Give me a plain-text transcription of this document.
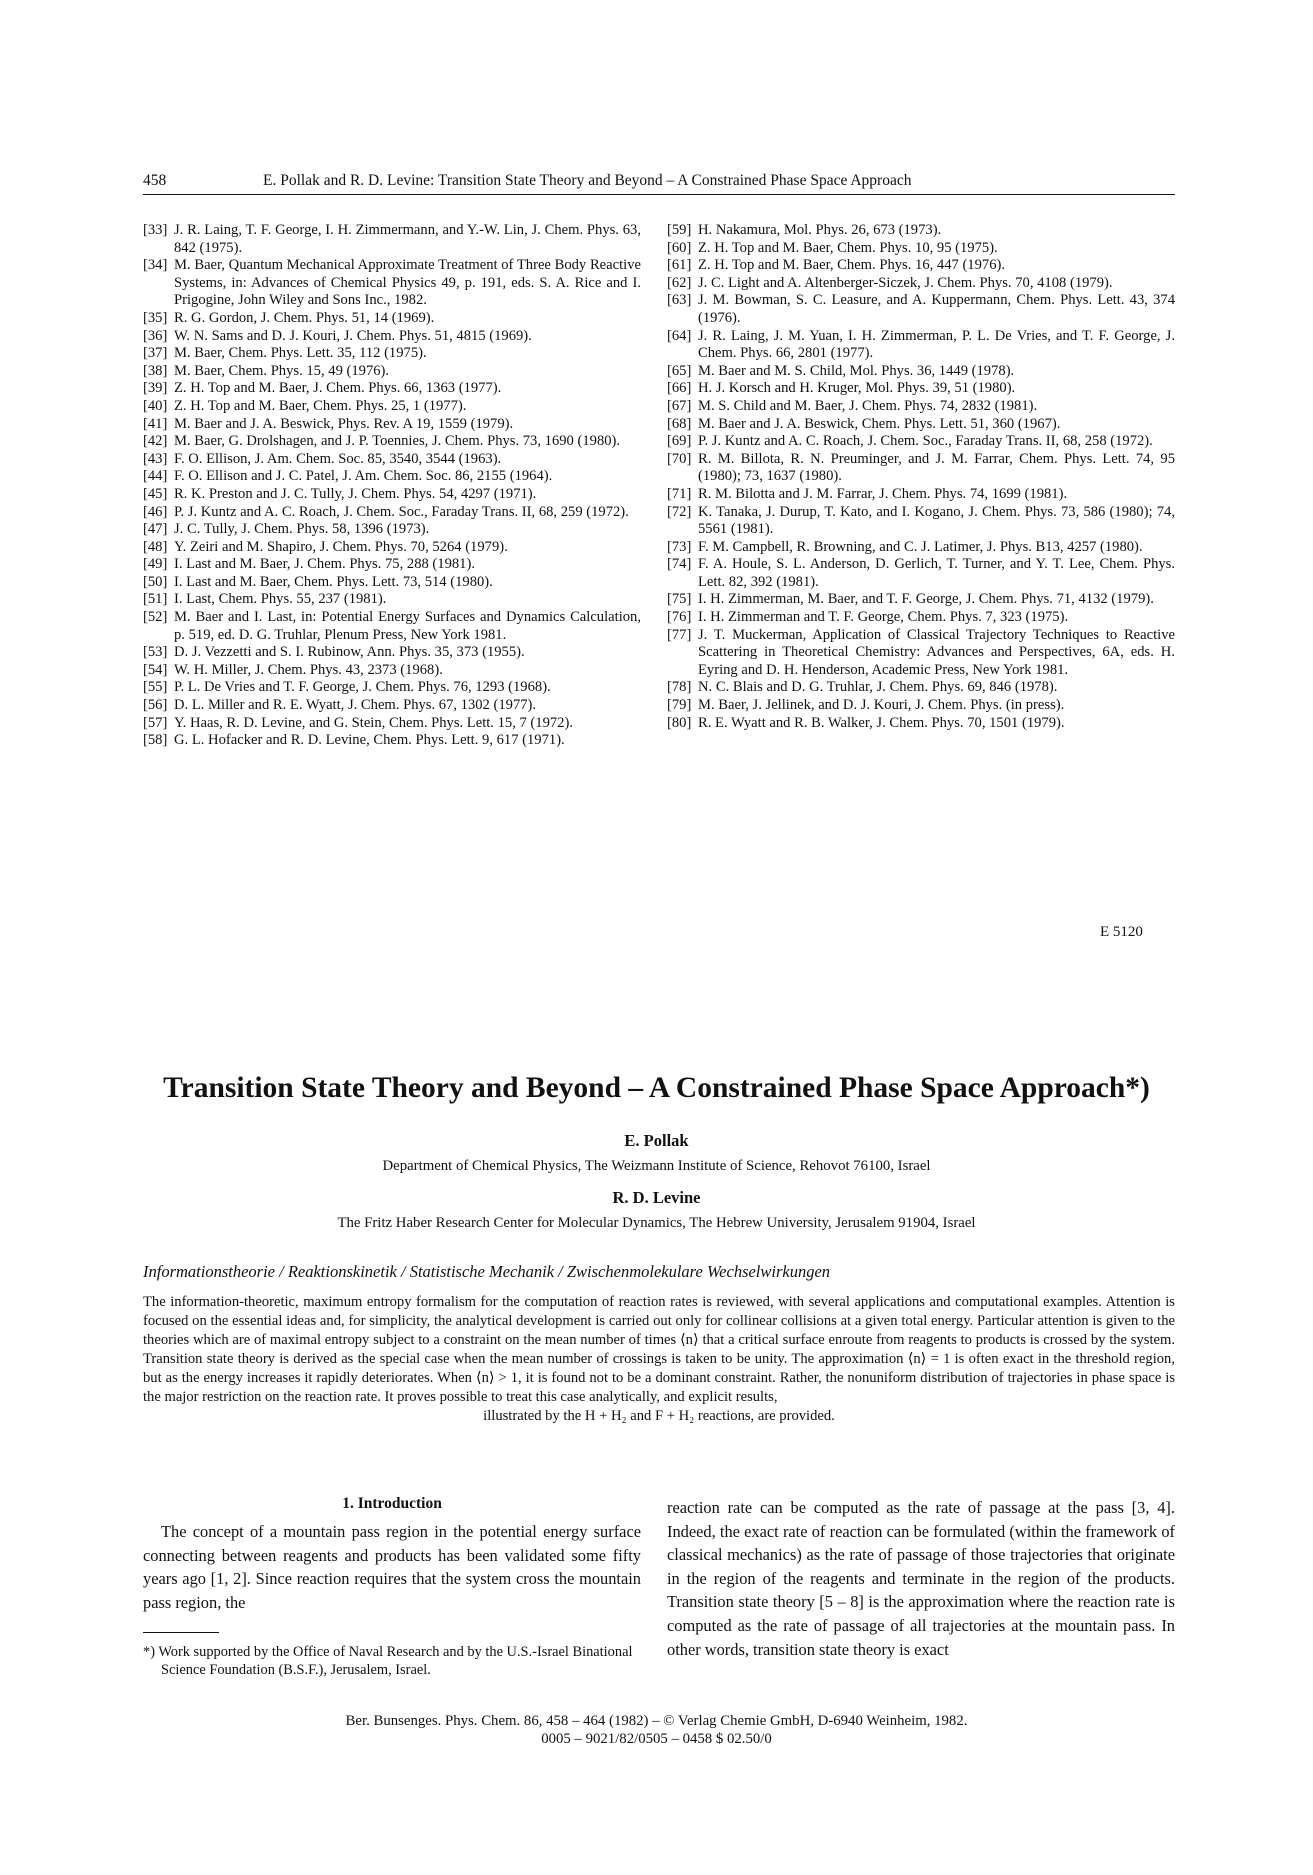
458	E. Pollak and R. D. Levine: Transition State Theory and Beyond – A Constrained Phase Space Approach
[33] J. R. Laing, T. F. George, I. H. Zimmermann, and Y.-W. Lin, J. Chem. Phys. 63, 842 (1975).
[34] M. Baer, Quantum Mechanical Approximate Treatment of Three Body Reactive Systems, in: Advances of Chemical Physics 49, p. 191, eds. S. A. Rice and I. Prigogine, John Wiley and Sons Inc., 1982.
[35] R. G. Gordon, J. Chem. Phys. 51, 14 (1969).
[36] W. N. Sams and D. J. Kouri, J. Chem. Phys. 51, 4815 (1969).
[37] M. Baer, Chem. Phys. Lett. 35, 112 (1975).
[38] M. Baer, Chem. Phys. 15, 49 (1976).
[39] Z. H. Top and M. Baer, J. Chem. Phys. 66, 1363 (1977).
[40] Z. H. Top and M. Baer, Chem. Phys. 25, 1 (1977).
[41] M. Baer and J. A. Beswick, Phys. Rev. A 19, 1559 (1979).
[42] M. Baer, G. Drolshagen, and J. P. Toennies, J. Chem. Phys. 73, 1690 (1980).
[43] F. O. Ellison, J. Am. Chem. Soc. 85, 3540, 3544 (1963).
[44] F. O. Ellison and J. C. Patel, J. Am. Chem. Soc. 86, 2155 (1964).
[45] R. K. Preston and J. C. Tully, J. Chem. Phys. 54, 4297 (1971).
[46] P. J. Kuntz and A. C. Roach, J. Chem. Soc., Faraday Trans. II, 68, 259 (1972).
[47] J. C. Tully, J. Chem. Phys. 58, 1396 (1973).
[48] Y. Zeiri and M. Shapiro, J. Chem. Phys. 70, 5264 (1979).
[49] I. Last and M. Baer, J. Chem. Phys. 75, 288 (1981).
[50] I. Last and M. Baer, Chem. Phys. Lett. 73, 514 (1980).
[51] I. Last, Chem. Phys. 55, 237 (1981).
[52] M. Baer and I. Last, in: Potential Energy Surfaces and Dynamics Calculation, p. 519, ed. D. G. Truhlar, Plenum Press, New York 1981.
[53] D. J. Vezzetti and S. I. Rubinow, Ann. Phys. 35, 373 (1955).
[54] W. H. Miller, J. Chem. Phys. 43, 2373 (1968).
[55] P. L. De Vries and T. F. George, J. Chem. Phys. 76, 1293 (1968).
[56] D. L. Miller and R. E. Wyatt, J. Chem. Phys. 67, 1302 (1977).
[57] Y. Haas, R. D. Levine, and G. Stein, Chem. Phys. Lett. 15, 7 (1972).
[58] G. L. Hofacker and R. D. Levine, Chem. Phys. Lett. 9, 617 (1971).
[59] H. Nakamura, Mol. Phys. 26, 673 (1973).
[60] Z. H. Top and M. Baer, Chem. Phys. 10, 95 (1975).
[61] Z. H. Top and M. Baer, Chem. Phys. 16, 447 (1976).
[62] J. C. Light and A. Altenberger-Siczek, J. Chem. Phys. 70, 4108 (1979).
[63] J. M. Bowman, S. C. Leasure, and A. Kuppermann, Chem. Phys. Lett. 43, 374 (1976).
[64] J. R. Laing, J. M. Yuan, I. H. Zimmerman, P. L. De Vries, and T. F. George, J. Chem. Phys. 66, 2801 (1977).
[65] M. Baer and M. S. Child, Mol. Phys. 36, 1449 (1978).
[66] H. J. Korsch and H. Kruger, Mol. Phys. 39, 51 (1980).
[67] M. S. Child and M. Baer, J. Chem. Phys. 74, 2832 (1981).
[68] M. Baer and J. A. Beswick, Chem. Phys. Lett. 51, 360 (1967).
[69] P. J. Kuntz and A. C. Roach, J. Chem. Soc., Faraday Trans. II, 68, 258 (1972).
[70] R. M. Billota, R. N. Preuminger, and J. M. Farrar, Chem. Phys. Lett. 74, 95 (1980); 73, 1637 (1980).
[71] R. M. Bilotta and J. M. Farrar, J. Chem. Phys. 74, 1699 (1981).
[72] K. Tanaka, J. Durup, T. Kato, and I. Kogano, J. Chem. Phys. 73, 586 (1980); 74, 5561 (1981).
[73] F. M. Campbell, R. Browning, and C. J. Latimer, J. Phys. B13, 4257 (1980).
[74] F. A. Houle, S. L. Anderson, D. Gerlich, T. Turner, and Y. T. Lee, Chem. Phys. Lett. 82, 392 (1981).
[75] I. H. Zimmerman, M. Baer, and T. F. George, J. Chem. Phys. 71, 4132 (1979).
[76] I. H. Zimmerman and T. F. George, Chem. Phys. 7, 323 (1975).
[77] J. T. Muckerman, Application of Classical Trajectory Techniques to Reactive Scattering in Theoretical Chemistry: Advances and Perspectives, 6A, eds. H. Eyring and D. H. Henderson, Academic Press, New York 1981.
[78] N. C. Blais and D. G. Truhlar, J. Chem. Phys. 69, 846 (1978).
[79] M. Baer, J. Jellinek, and D. J. Kouri, J. Chem. Phys. (in press).
[80] R. E. Wyatt and R. B. Walker, J. Chem. Phys. 70, 1501 (1979).
E 5120
Transition State Theory and Beyond – A Constrained Phase Space Approach*)
E. Pollak
Department of Chemical Physics, The Weizmann Institute of Science, Rehovot 76100, Israel
R. D. Levine
The Fritz Haber Research Center for Molecular Dynamics, The Hebrew University, Jerusalem 91904, Israel
Informationstheorie / Reaktionskinetik / Statistische Mechanik / Zwischenmolekulare Wechselwirkungen
The information-theoretic, maximum entropy formalism for the computation of reaction rates is reviewed, with several applications and computational examples. Attention is focused on the essential ideas and, for simplicity, the analytical development is carried out only for collinear collisions at a given total energy. Particular attention is given to the theories which are of maximal entropy subject to a constraint on the mean number of times ⟨n⟩ that a critical surface enroute from reagents to products is crossed by the system. Transition state theory is derived as the special case when the mean number of crossings is taken to be unity. The approximation ⟨n⟩ = 1 is often exact in the threshold region, but as the energy increases it rapidly deteriorates. When ⟨n⟩ > 1, it is found not to be a dominant constraint. Rather, the nonuniform distribution of trajectories in phase space is the major restriction on the reaction rate. It proves possible to treat this case analytically, and explicit results,
illustrated by the H + H₂ and F + H₂ reactions, are provided.
1. Introduction
The concept of a mountain pass region in the potential energy surface connecting between reagents and products has been validated some fifty years ago [1, 2]. Since reaction requires that the system cross the mountain pass region, the
reaction rate can be computed as the rate of passage at the pass [3, 4]. Indeed, the exact rate of reaction can be formulated (within the framework of classical mechanics) as the rate of passage of those trajectories that originate in the region of the reagents and terminate in the region of the products. Transition state theory [5 – 8] is the approximation where the reaction rate is computed as the rate of passage of all trajectories at the mountain pass. In other words, transition state theory is exact
*) Work supported by the Office of Naval Research and by the U.S.-Israel Binational Science Foundation (B.S.F.), Jerusalem, Israel.
Ber. Bunsenges. Phys. Chem. 86, 458 – 464 (1982) – © Verlag Chemie GmbH, D-6940 Weinheim, 1982.
0005 – 9021/82/0505 – 0458 $ 02.50/0
